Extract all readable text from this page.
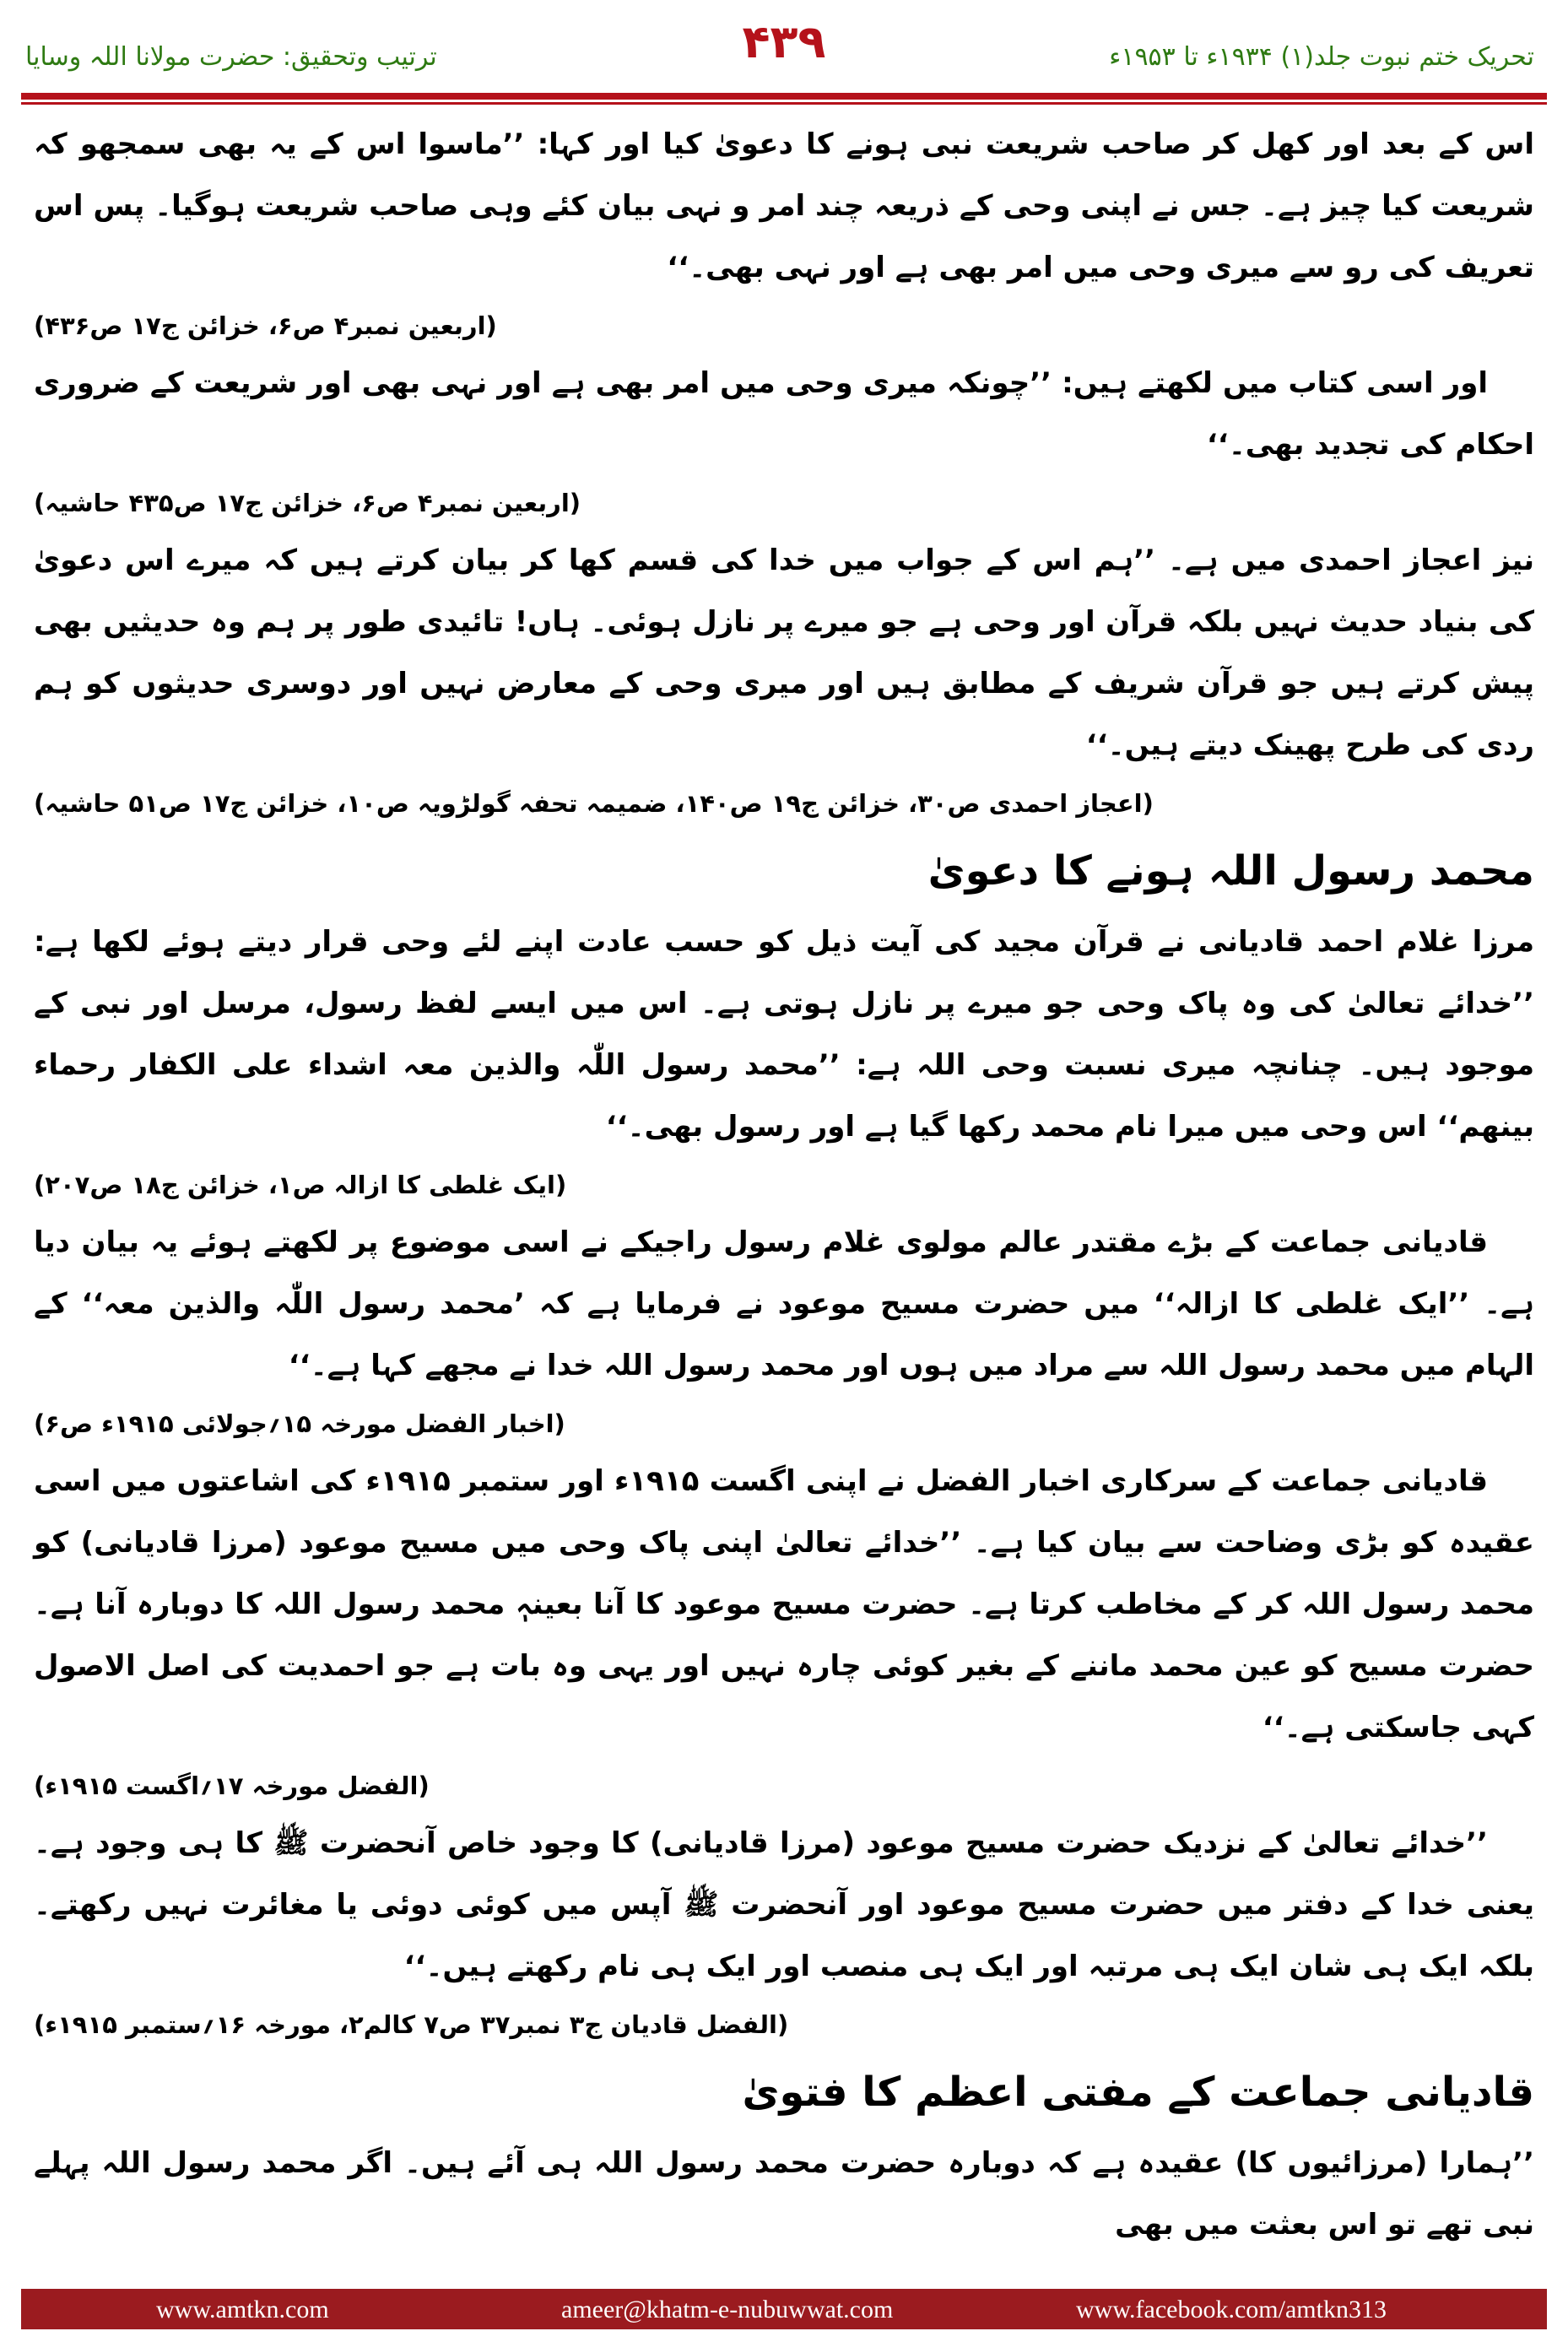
تحریک ختم نبوت جلد(۱) ۱۹۳۴ء تا ۱۹۵۳ء
۴۳۹
ترتیب وتحقیق: حضرت مولانا اللہ وسایا

اس کے بعد اور کھل کر صاحب شریعت نبی ہونے کا دعویٰ کیا اور کہا: ’’ماسوا اس کے یہ بھی سمجھو کہ شریعت کیا چیز ہے۔ جس نے اپنی وحی کے ذریعہ چند امر و نہی بیان کئے وہی صاحب شریعت ہوگیا۔ پس اس تعریف کی رو سے میری وحی میں امر بھی ہے اور نہی بھی۔‘‘

(اربعین نمبر۴ ص۶، خزائن ج۱۷ ص۴۳۶)

اور اسی کتاب میں لکھتے ہیں: ’’چونکہ میری وحی میں امر بھی ہے اور نہی بھی اور شریعت کے ضروری احکام کی تجدید بھی۔‘‘

(اربعین نمبر۴ ص۶، خزائن ج۱۷ ص۴۳۵ حاشیہ)

نیز اعجاز احمدی میں ہے۔ ’’ہم اس کے جواب میں خدا کی قسم کھا کر بیان کرتے ہیں کہ میرے اس دعویٰ کی بنیاد حدیث نہیں بلکہ قرآن اور وحی ہے جو میرے پر نازل ہوئی۔ ہاں! تائیدی طور پر ہم وہ حدیثیں بھی پیش کرتے ہیں جو قرآن شریف کے مطابق ہیں اور میری وحی کے معارض نہیں اور دوسری حدیثوں کو ہم ردی کی طرح پھینک دیتے ہیں۔‘‘

(اعجاز احمدی ص۳۰، خزائن ج۱۹ ص۱۴۰، ضمیمہ تحفہ گولڑویہ ص۱۰، خزائن ج۱۷ ص۵۱ حاشیہ)

محمد رسول اللہ ہونے کا دعویٰ

مرزا غلام احمد قادیانی نے قرآن مجید کی آیت ذیل کو حسب عادت اپنے لئے وحی قرار دیتے ہوئے لکھا ہے: ’’خدائے تعالیٰ کی وہ پاک وحی جو میرے پر نازل ہوتی ہے۔ اس میں ایسے لفظ رسول، مرسل اور نبی کے موجود ہیں۔ چنانچہ میری نسبت وحی اللہ ہے: ’’محمد رسول اللّٰہ والذین معہ اشداء علی الکفار رحماء بینھم‘‘ اس وحی میں میرا نام محمد رکھا گیا ہے اور رسول بھی۔‘‘

(ایک غلطی کا ازالہ ص۱، خزائن ج۱۸ ص۲۰۷)

قادیانی جماعت کے بڑے مقتدر عالم مولوی غلام رسول راجیکے نے اسی موضوع پر لکھتے ہوئے یہ بیان دیا ہے۔ ’’ایک غلطی کا ازالہ‘‘ میں حضرت مسیح موعود نے فرمایا ہے کہ ’محمد رسول اللّٰہ والذین معہ‘‘ کے الہام میں محمد رسول اللہ سے مراد میں ہوں اور محمد رسول اللہ خدا نے مجھے کہا ہے۔‘‘

(اخبار الفضل مورخہ ۱۵؍جولائی ۱۹۱۵ء ص۶)

قادیانی جماعت کے سرکاری اخبار الفضل نے اپنی اگست ۱۹۱۵ء اور ستمبر ۱۹۱۵ء کی اشاعتوں میں اسی عقیدہ کو بڑی وضاحت سے بیان کیا ہے۔ ’’خدائے تعالیٰ اپنی پاک وحی میں مسیح موعود (مرزا قادیانی) کو محمد رسول اللہ کر کے مخاطب کرتا ہے۔ حضرت مسیح موعود کا آنا بعینہٖ محمد رسول اللہ کا دوبارہ آنا ہے۔ حضرت مسیح کو عین محمد ماننے کے بغیر کوئی چارہ نہیں اور یہی وہ بات ہے جو احمدیت کی اصل الاصول کہی جاسکتی ہے۔‘‘

(الفضل مورخہ ۱۷؍اگست ۱۹۱۵ء)

’’خدائے تعالیٰ کے نزدیک حضرت مسیح موعود (مرزا قادیانی) کا وجود خاص آنحضرت ﷺ کا ہی وجود ہے۔ یعنی خدا کے دفتر میں حضرت مسیح موعود اور آنحضرت ﷺ آپس میں کوئی دوئی یا مغائرت نہیں رکھتے۔ بلکہ ایک ہی شان ایک ہی مرتبہ اور ایک ہی منصب اور ایک ہی نام رکھتے ہیں۔‘‘

(الفضل قادیان ج۳ نمبر۳۷ ص۷ کالم۲، مورخہ ۱۶؍ستمبر ۱۹۱۵ء)

قادیانی جماعت کے مفتی اعظم کا فتویٰ

’’ہمارا (مرزائیوں کا) عقیدہ ہے کہ دوبارہ حضرت محمد رسول اللہ ہی آئے ہیں۔ اگر محمد رسول اللہ پہلے نبی تھے تو اس بعثت میں بھی

www.amtkn.com	ameer@khatm-e-nubuwwat.com	www.facebook.com/amtkn313
